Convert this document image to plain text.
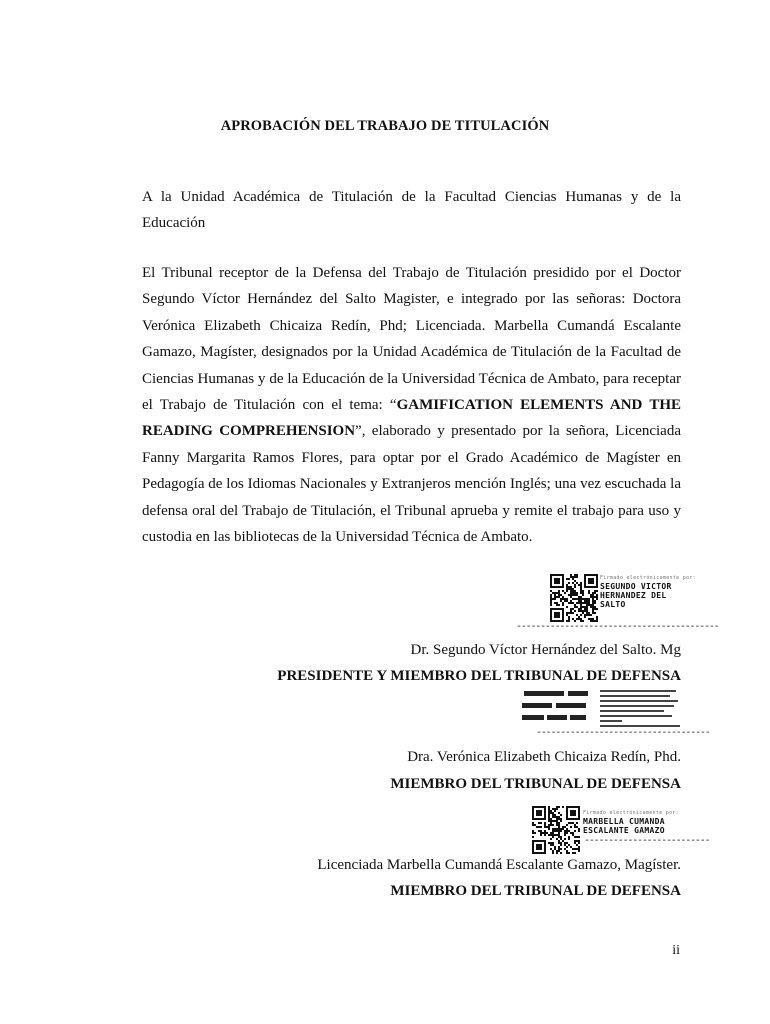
APROBACIÓN DEL TRABAJO DE TITULACIÓN

A la Unidad Académica de Titulación de la Facultad Ciencias Humanas y de la Educación

El Tribunal receptor de la Defensa del Trabajo de Titulación presidido por el Doctor Segundo Víctor Hernández del Salto Magister, e integrado por las señoras: Doctora Verónica Elizabeth Chicaiza Redín, Phd; Licenciada. Marbella Cumandá Escalante Gamazo, Magíster, designados por la Unidad Académica de Titulación de la Facultad de Ciencias Humanas y de la Educación de la Universidad Técnica de Ambato, para receptar el Trabajo de Titulación con el tema: “GAMIFICATION ELEMENTS AND THE READING COMPREHENSION”, elaborado y presentado por la señora, Licenciada Fanny Margarita Ramos Flores, para optar por el Grado Académico de Magíster en Pedagogía de los Idiomas Nacionales y Extranjeros mención Inglés; una vez escuchada la defensa oral del Trabajo de Titulación, el Tribunal aprueba y remite el trabajo para uso y custodia en las bibliotecas de la Universidad Técnica de Ambato.

Firmado electrónicamente por:
SEGUNDO VICTOR
HERNANDEZ DEL
SALTO
------------------------------------------
Dr. Segundo Víctor Hernández del Salto. Mg
PRESIDENTE Y MIEMBRO DEL TRIBUNAL DE DEFENSA
------------------------------------
Dra. Verónica Elizabeth Chicaiza Redín, Phd.
MIEMBRO DEL TRIBUNAL DE DEFENSA
Firmado electrónicamente por:
MARBELLA CUMANDA
ESCALANTE GAMAZO
--------------------------
Licenciada Marbella Cumandá Escalante Gamazo, Magíster.
MIEMBRO DEL TRIBUNAL DE DEFENSA
ii
